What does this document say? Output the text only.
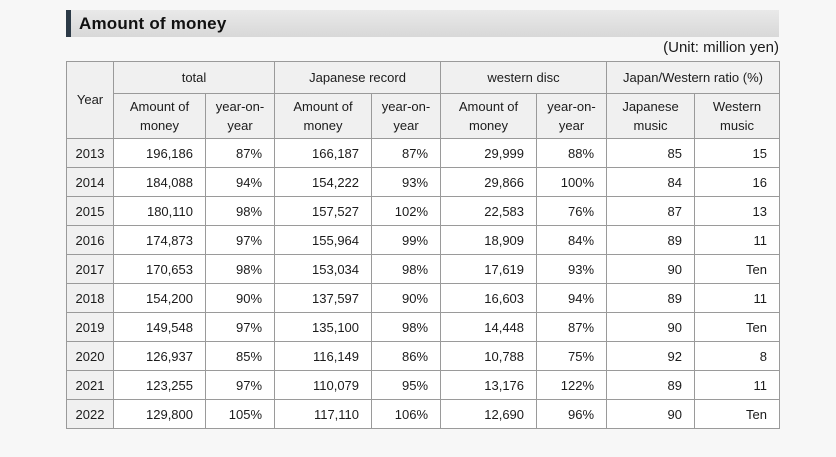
Amount of money
(Unit: million yen)
Year	total		Japanese record		western disc		Japan/Western ratio (%)	
	Amount of money	year-on-year	Amount of money	year-on-year	Amount of money	year-on-year	Japanese music	Western music
2013	196,186	87%	166,187	87%	29,999	88%	85	15
2014	184,088	94%	154,222	93%	29,866	100%	84	16
2015	180,110	98%	157,527	102%	22,583	76%	87	13
2016	174,873	97%	155,964	99%	18,909	84%	89	11
2017	170,653	98%	153,034	98%	17,619	93%	90	Ten
2018	154,200	90%	137,597	90%	16,603	94%	89	11
2019	149,548	97%	135,100	98%	14,448	87%	90	Ten
2020	126,937	85%	116,149	86%	10,788	75%	92	8
2021	123,255	97%	110,079	95%	13,176	122%	89	11
2022	129,800	105%	117,110	106%	12,690	96%	90	Ten
